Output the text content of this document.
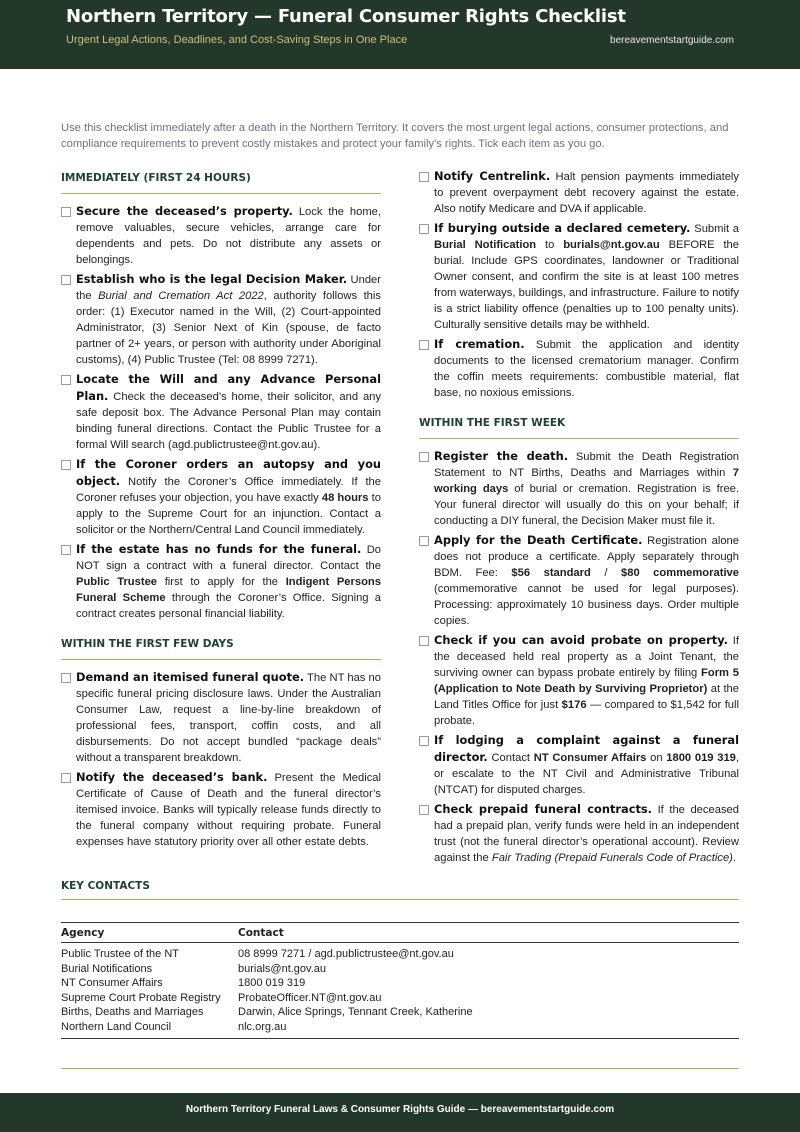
Northern Territory — Funeral Consumer Rights Checklist
Urgent Legal Actions, Deadlines, and Cost-Saving Steps in One Place	bereavementstartguide.com
Use this checklist immediately after a death in the Northern Territory. It covers the most urgent legal actions, consumer protections, and compliance requirements to prevent costly mistakes and protect your family's rights. Tick each item as you go.
IMMEDIATELY (FIRST 24 HOURS)
Secure the deceased’s property. Lock the home, remove valuables, secure vehicles, arrange care for dependents and pets. Do not distribute any assets or belongings.
Establish who is the legal Decision Maker. Under the Burial and Cremation Act 2022, authority follows this order: (1) Executor named in the Will, (2) Court-appointed Administrator, (3) Senior Next of Kin (spouse, de facto partner of 2+ years, or person with authority under Aboriginal customs), (4) Public Trustee (Tel: 08 8999 7271).
Locate the Will and any Advance Personal Plan. Check the deceased’s home, their solicitor, and any safe deposit box. The Advance Personal Plan may contain binding funeral directions. Contact the Public Trustee for a formal Will search (agd.publictrustee@nt.gov.au).
If the Coroner orders an autopsy and you object. Notify the Coroner’s Office immediately. If the Coroner refuses your objection, you have exactly 48 hours to apply to the Supreme Court for an injunction. Contact a solicitor or the Northern/Central Land Council immediately.
If the estate has no funds for the funeral. Do NOT sign a contract with a funeral director. Contact the Public Trustee first to apply for the Indigent Persons Funeral Scheme through the Coroner’s Office. Signing a contract creates personal financial liability.
WITHIN THE FIRST FEW DAYS
Demand an itemised funeral quote. The NT has no specific funeral pricing disclosure laws. Under the Australian Consumer Law, request a line-by-line breakdown of professional fees, transport, coffin costs, and all disbursements. Do not accept bundled “package deals” without a transparent breakdown.
Notify the deceased’s bank. Present the Medical Certificate of Cause of Death and the funeral director’s itemised invoice. Banks will typically release funds directly to the funeral company without requiring probate. Funeral expenses have statutory priority over all other estate debts.
Notify Centrelink. Halt pension payments immediately to prevent overpayment debt recovery against the estate. Also notify Medicare and DVA if applicable.
If burying outside a declared cemetery. Submit a Burial Notification to burials@nt.gov.au BEFORE the burial. Include GPS coordinates, landowner or Traditional Owner consent, and confirm the site is at least 100 metres from waterways, buildings, and infrastructure. Failure to notify is a strict liability offence (penalties up to 100 penalty units). Culturally sensitive details may be withheld.
If cremation. Submit the application and identity documents to the licensed crematorium manager. Confirm the coffin meets requirements: combustible material, flat base, no noxious emissions.
WITHIN THE FIRST WEEK
Register the death. Submit the Death Registration Statement to NT Births, Deaths and Marriages within 7 working days of burial or cremation. Registration is free. Your funeral director will usually do this on your behalf; if conducting a DIY funeral, the Decision Maker must file it.
Apply for the Death Certificate. Registration alone does not produce a certificate. Apply separately through BDM. Fee: $56 standard / $80 commemorative (commemorative cannot be used for legal purposes). Processing: approximately 10 business days. Order multiple copies.
Check if you can avoid probate on property. If the deceased held real property as a Joint Tenant, the surviving owner can bypass probate entirely by filing Form 5 (Application to Note Death by Surviving Proprietor) at the Land Titles Office for just $176 — compared to $1,542 for full probate.
If lodging a complaint against a funeral director. Contact NT Consumer Affairs on 1800 019 319, or escalate to the NT Civil and Administrative Tribunal (NTCAT) for disputed charges.
Check prepaid funeral contracts. If the deceased had a prepaid plan, verify funds were held in an independent trust (not the funeral director’s operational account). Review against the Fair Trading (Prepaid Funerals Code of Practice).
KEY CONTACTS
Agency	Contact
Public Trustee of the NT	08 8999 7271 / agd.publictrustee@nt.gov.au
Burial Notifications	burials@nt.gov.au
NT Consumer Affairs	1800 019 319
Supreme Court Probate Registry	ProbateOfficer.NT@nt.gov.au
Births, Deaths and Marriages	Darwin, Alice Springs, Tennant Creek, Katherine
Northern Land Council	nlc.org.au
Northern Territory Funeral Laws & Consumer Rights Guide — bereavementstartguide.com
